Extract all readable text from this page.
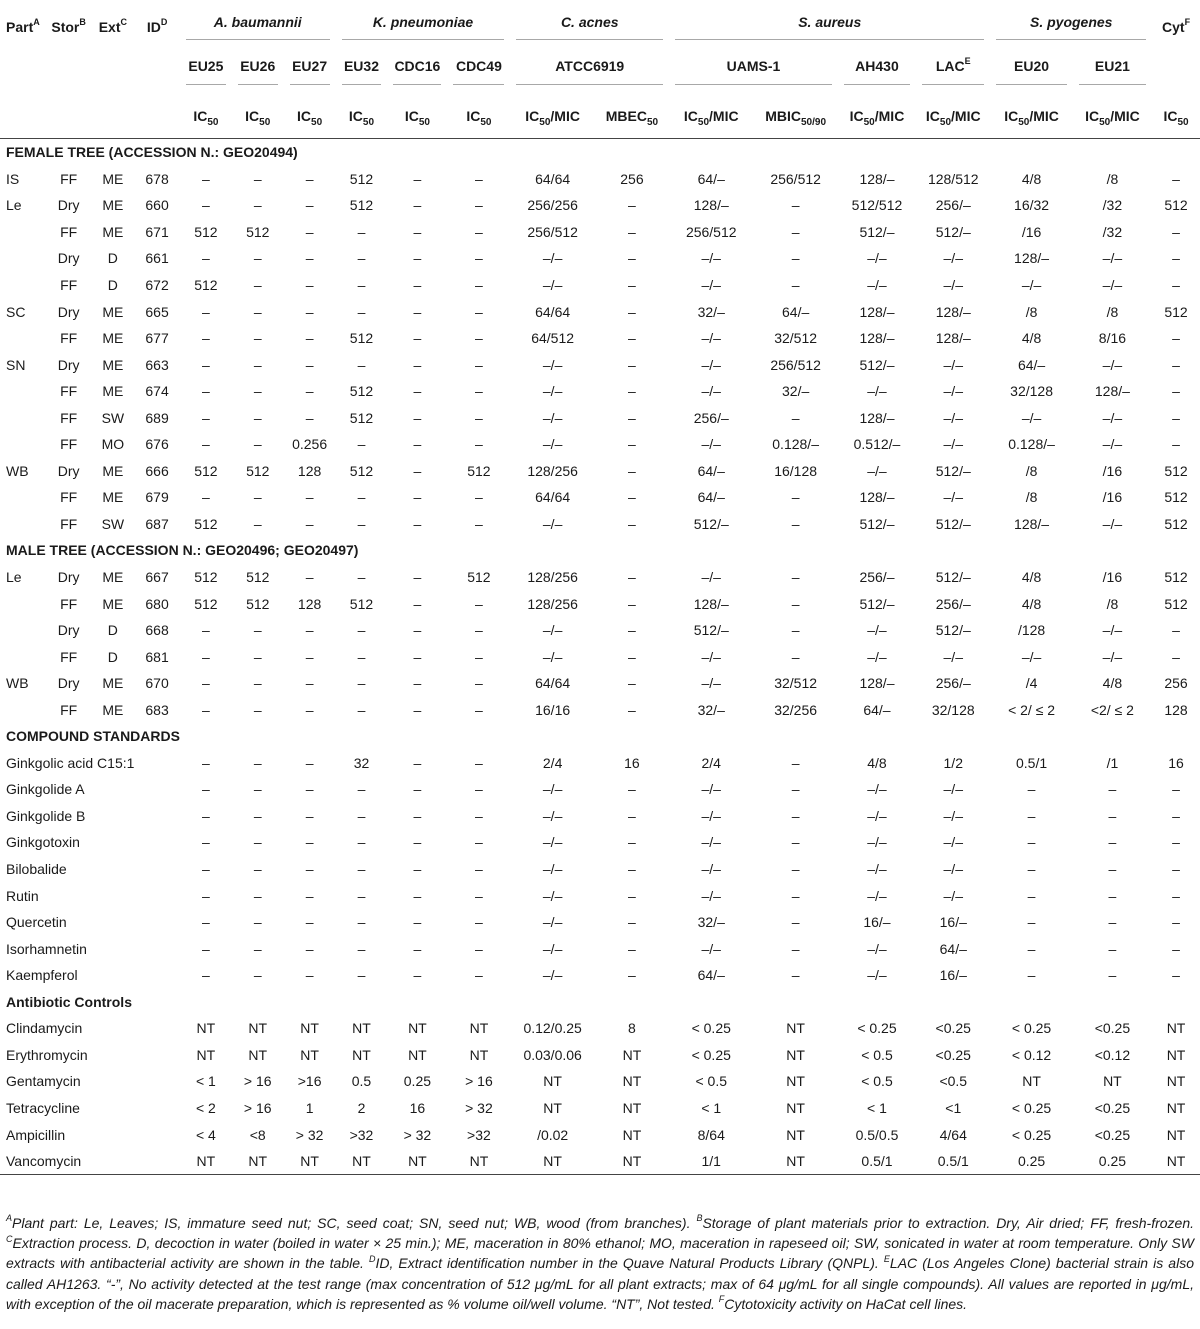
Part$^A$	Stor$^B$	Ext$^C$	$ID^D$	A. baumannii			K. pneumoniae			C. acnes		S. aureus				S. pyogenes		Cyt$^F$
				EU25	EU26	EU27	EU32	CDC16	CDC49	ATCC6919		UAMS-1		AH430	$LAC^E$	EU20	EU21	
				$IC_{50}$	$IC_{50}$	$IC_{50}$	$IC_{50}$	$IC_{50}$	$IC_{50}$	$IC_{50}$/MIC	$MBEC_{50}$	$IC_{50}$/MIC	$MBIC_{50/90}$	$IC_{50}$/MIC	$IC_{50}$/MIC	$IC_{50}$/MIC	$IC_{50}$/MIC	$IC_{50}$
FEMALE TREE (ACCESSION N.: GEO20494)																		
IS	FF	ME	678	–	–	–	512	–	–	64/64	256	64/–	256/512	128/–	128/512	4/8	/8	–
Le	Dry	ME	660	–	–	–	512	–	–	256/256	–	128/–	–	512/512	256/–	16/32	/32	512
	FF	ME	671	512	512	–	–	–	–	256/512	–	256/512	–	512/–	512/–	/16	/32	–
	Dry	D	661	–	–	–	–	–	–	–/–	–	–/–	–	–/–	–/–	128/–	–/–	–
	FF	D	672	512	–	–	–	–	–	–/–	–	–/–	–	–/–	–/–	–/–	–/–	–
SC	Dry	ME	665	–	–	–	–	–	–	64/64	–	32/–	64/–	128/–	128/–	/8	/8	512
	FF	ME	677	–	–	–	512	–	–	64/512	–	–/–	32/512	128/–	128/–	4/8	8/16	–
SN	Dry	ME	663	–	–	–	–	–	–	–/–	–	–/–	256/512	512/–	–/–	64/–	–/–	–
	FF	ME	674	–	–	–	512	–	–	–/–	–	–/–	32/–	–/–	–/–	32/128	128/–	–
	FF	SW	689	–	–	–	512	–	–	–/–	–	256/–	–	128/–	–/–	–/–	–/–	–
	FF	MO	676	–	–	0.256	–	–	–	–/–	–	–/–	0.128/–	0.512/–	–/–	0.128/–	–/–	–
WB	Dry	ME	666	512	512	128	512	–	512	128/256	–	64/–	16/128	–/–	512/–	/8	/16	512
	FF	ME	679	–	–	–	–	–	–	64/64	–	64/–	–	128/–	–/–	/8	/16	512
	FF	SW	687	512	–	–	–	–	–	–/–	–	512/–	–	512/–	512/–	128/–	–/–	512
MALE TREE (ACCESSION N.: GEO20496; GEO20497)																		
Le	Dry	ME	667	512	512	–	–	–	512	128/256	–	–/–	–	256/–	512/–	4/8	/16	512
	FF	ME	680	512	512	128	512	–	–	128/256	–	128/–	–	512/–	256/–	4/8	/8	512
	Dry	D	668	–	–	–	–	–	–	–/–	–	512/–	–	–/–	512/–	/128	–/–	–
	FF	D	681	–	–	–	–	–	–	–/–	–	–/–	–	–/–	–/–	–/–	–/–	–
WB	Dry	ME	670	–	–	–	–	–	–	64/64	–	–/–	32/512	128/–	256/–	/4	4/8	256
	FF	ME	683	–	–	–	–	–	–	16/16	–	32/–	32/256	64/–	32/128	< 2/ ≤ 2	<2/ ≤ 2	128
COMPOUND STANDARDS																		
Ginkgolic acid C15:1				–	–	–	32	–	–	2/4	16	2/4	–	4/8	1/2	0.5/1	/1	16
Ginkgolide A				–	–	–	–	–	–	–/–	–	–/–	–	–/–	–/–	–	–	–
Ginkgolide B				–	–	–	–	–	–	–/–	–	–/–	–	–/–	–/–	–	–	–
Ginkgotoxin				–	–	–	–	–	–	–/–	–	–/–	–	–/–	–/–	–	–	–
Bilobalide				–	–	–	–	–	–	–/–	–	–/–	–	–/–	–/–	–	–	–
Rutin				–	–	–	–	–	–	–/–	–	–/–	–	–/–	–/–	–	–	–
Quercetin				–	–	–	–	–	–	–/–	–	32/–	–	16/–	16/–	–	–	–
Isorhamnetin				–	–	–	–	–	–	–/–	–	–/–	–	–/–	64/–	–	–	–
Kaempferol				–	–	–	–	–	–	–/–	–	64/–	–	–/–	16/–	–	–	–
Antibiotic Controls																		
Clindamycin				NT	NT	NT	NT	NT	NT	0.12/0.25	8	< 0.25	NT	< 0.25	<0.25	< 0.25	<0.25	NT
Erythromycin				NT	NT	NT	NT	NT	NT	0.03/0.06	NT	< 0.25	NT	< 0.5	<0.25	< 0.12	<0.12	NT
Gentamycin				< 1	> 16	>16	0.5	0.25	> 16	NT	NT	< 0.5	NT	< 0.5	<0.5	NT	NT	NT
Tetracycline				< 2	> 16	1	2	16	> 32	NT	NT	< 1	NT	< 1	<1	< 0.25	<0.25	NT
Ampicillin				< 4	<8	> 32	>32	> 32	>32	/0.02	NT	8/64	NT	0.5/0.5	4/64	< 0.25	<0.25	NT
Vancomycin				NT	NT	NT	NT	NT	NT	NT	NT	1/1	NT	0.5/1	0.5/1	0.25	0.25	NT
$^A$Plant part: Le, Leaves; IS, immature seed nut; SC, seed coat; SN, seed nut; WB, wood (from branches). $^B$Storage of plant materials prior to extraction. Dry, Air dried; FF, fresh-frozen. $^C$Extraction process. D, decoction in water (boiled in water × 25 min.); ME, maceration in 80% ethanol; MO, maceration in rapeseed oil; SW, sonicated in water at room temperature. Only SW extracts with antibacterial activity are shown in the table. $^D$ID, Extract identification number in the Quave Natural Products Library (QNPL). $^E$LAC (Los Angeles Clone) bacterial strain is also called AH1263. “-”, No activity detected at the test range (max concentration of 512 μg/mL for all plant extracts; max of 64 μg/mL for all single compounds). All values are reported in μg/mL, with exception of the oil macerate preparation, which is represented as % volume oil/well volume. “NT”, Not tested. $^F$Cytotoxicity activity on HaCat cell lines.
